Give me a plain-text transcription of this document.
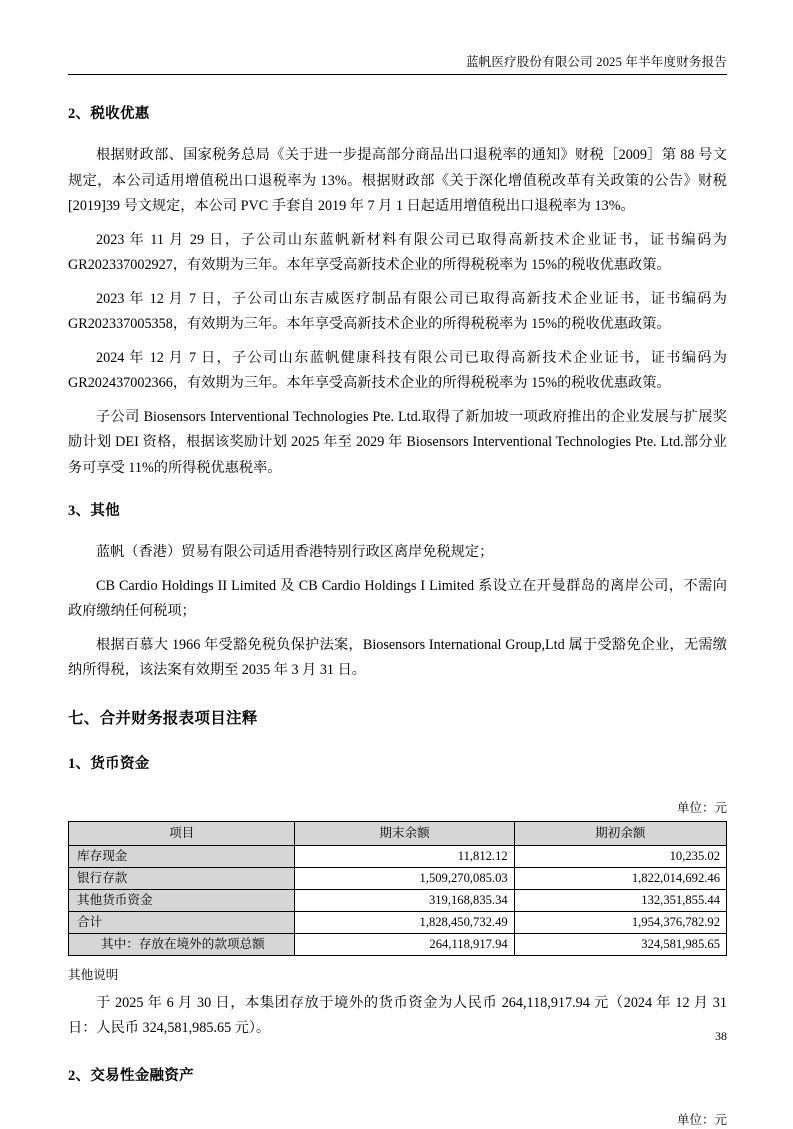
蓝帆医疗股份有限公司 2025 年半年度财务报告
2、税收优惠

根据财政部、国家税务总局《关于进一步提高部分商品出口退税率的通知》财税［2009］第 88 号文规定，本公司适用增值税出口退税率为 13%。根据财政部《关于深化增值税改革有关政策的公告》财税[2019]39 号文规定，本公司 PVC 手套自 2019 年 7 月 1 日起适用增值税出口退税率为 13%。

2023 年 11 月 29 日，子公司山东蓝帆新材料有限公司已取得高新技术企业证书，证书编码为 GR202337002927，有效期为三年。本年享受高新技术企业的所得税税率为 15%的税收优惠政策。

2023 年 12 月 7 日，子公司山东吉威医疗制品有限公司已取得高新技术企业证书，证书编码为 GR202337005358，有效期为三年。本年享受高新技术企业的所得税税率为 15%的税收优惠政策。

2024 年 12 月 7 日，子公司山东蓝帆健康科技有限公司已取得高新技术企业证书，证书编码为 GR202437002366，有效期为三年。本年享受高新技术企业的所得税税率为 15%的税收优惠政策。

子公司 Biosensors Interventional Technologies Pte. Ltd.取得了新加坡一项政府推出的企业发展与扩展奖励计划 DEI 资格，根据该奖励计划 2025 年至 2029 年 Biosensors Interventional Technologies Pte. Ltd.部分业务可享受 11%的所得税优惠税率。

3、其他

蓝帆（香港）贸易有限公司适用香港特别行政区离岸免税规定；

CB Cardio Holdings II Limited 及 CB Cardio Holdings I Limited 系设立在开曼群岛的离岸公司，不需向政府缴纳任何税项；

根据百慕大 1966 年受豁免税负保护法案，Biosensors International Group,Ltd 属于受豁免企业，无需缴纳所得税，该法案有效期至 2035 年 3 月 31 日。

七、合并财务报表项目注释
1、货币资金
单位：元
项目	期末余额	期初余额
库存现金	11,812.12	10,235.02
银行存款	1,509,270,085.03	1,822,014,692.46
其他货币资金	319,168,835.34	132,351,855.44
合计	1,828,450,732.49	1,954,376,782.92
其中：存放在境外的款项总额	264,118,917.94	324,581,985.65
其他说明

于 2025 年 6 月 30 日，本集团存放于境外的货币资金为人民币 264,118,917.94 元（2024 年 12 月 31 日：人民币 324,581,985.65 元）。

2、交易性金融资产
单位：元
38
